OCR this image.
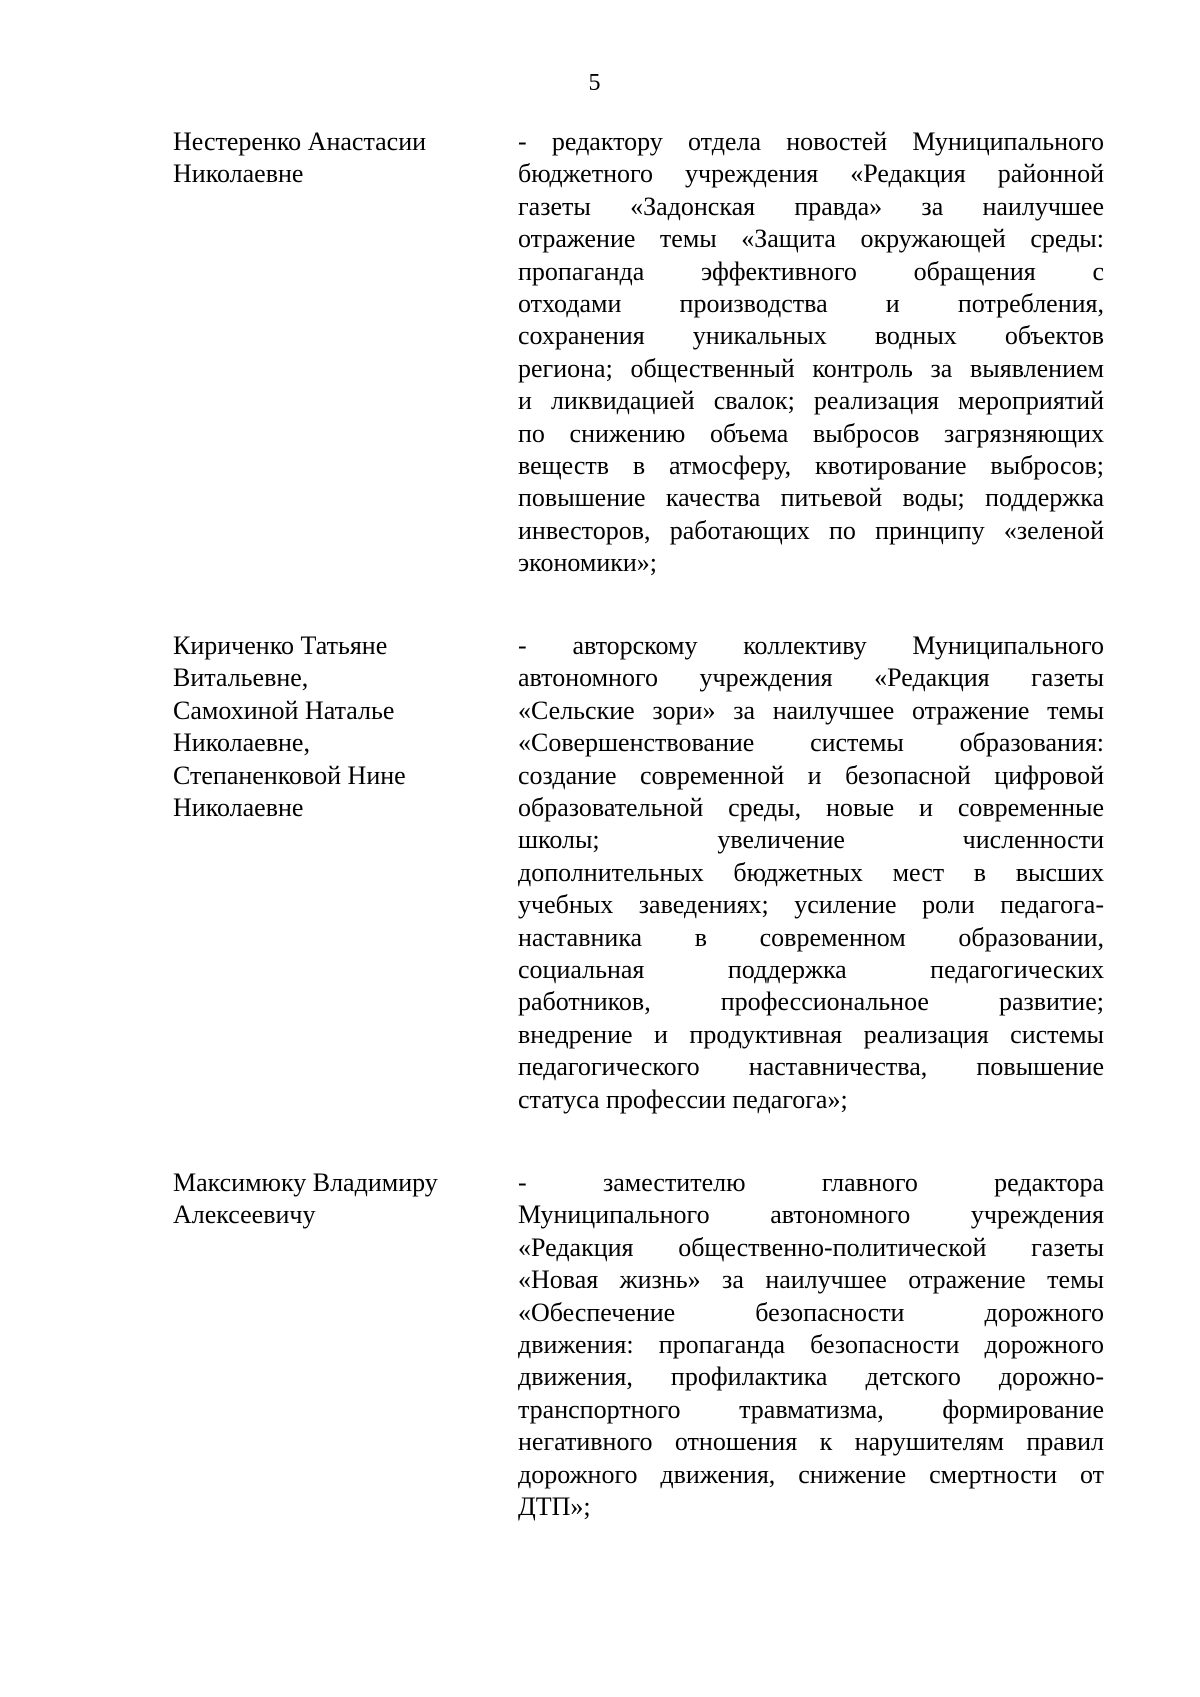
5
Нестеренко Анастасии
Николаевне
- редактору отдела новостей Муниципального
бюджетного учреждения «Редакция районной
газеты «Задонская правда» за наилучшее
отражение темы «Защита окружающей среды:
пропаганда эффективного обращения с
отходами производства и потребления,
сохранения уникальных водных объектов
региона; общественный контроль за выявлением
и ликвидацией свалок; реализация мероприятий
по снижению объема выбросов загрязняющих
веществ в атмосферу, квотирование выбросов;
повышение качества питьевой воды; поддержка
инвесторов, работающих по принципу «зеленой
экономики»;
Кириченко Татьяне
Витальевне,
Самохиной Наталье
Николаевне,
Степаненковой Нине
Николаевне
- авторскому коллективу Муниципального
автономного учреждения «Редакция газеты
«Сельские зори» за наилучшее отражение темы
«Совершенствование системы образования:
создание современной и безопасной цифровой
образовательной среды, новые и современные
школы; увеличение численности
дополнительных бюджетных мест в высших
учебных заведениях; усиление роли педагога-
наставника в современном образовании,
социальная поддержка педагогических
работников, профессиональное развитие;
внедрение и продуктивная реализация системы
педагогического наставничества, повышение
статуса профессии педагога»;
Максимюку Владимиру
Алексеевичу
- заместителю главного редактора
Муниципального автономного учреждения
«Редакция общественно-политической газеты
«Новая жизнь» за наилучшее отражение темы
«Обеспечение безопасности дорожного
движения: пропаганда безопасности дорожного
движения, профилактика детского дорожно-
транспортного травматизма, формирование
негативного отношения к нарушителям правил
дорожного движения, снижение смертности от
ДТП»;
